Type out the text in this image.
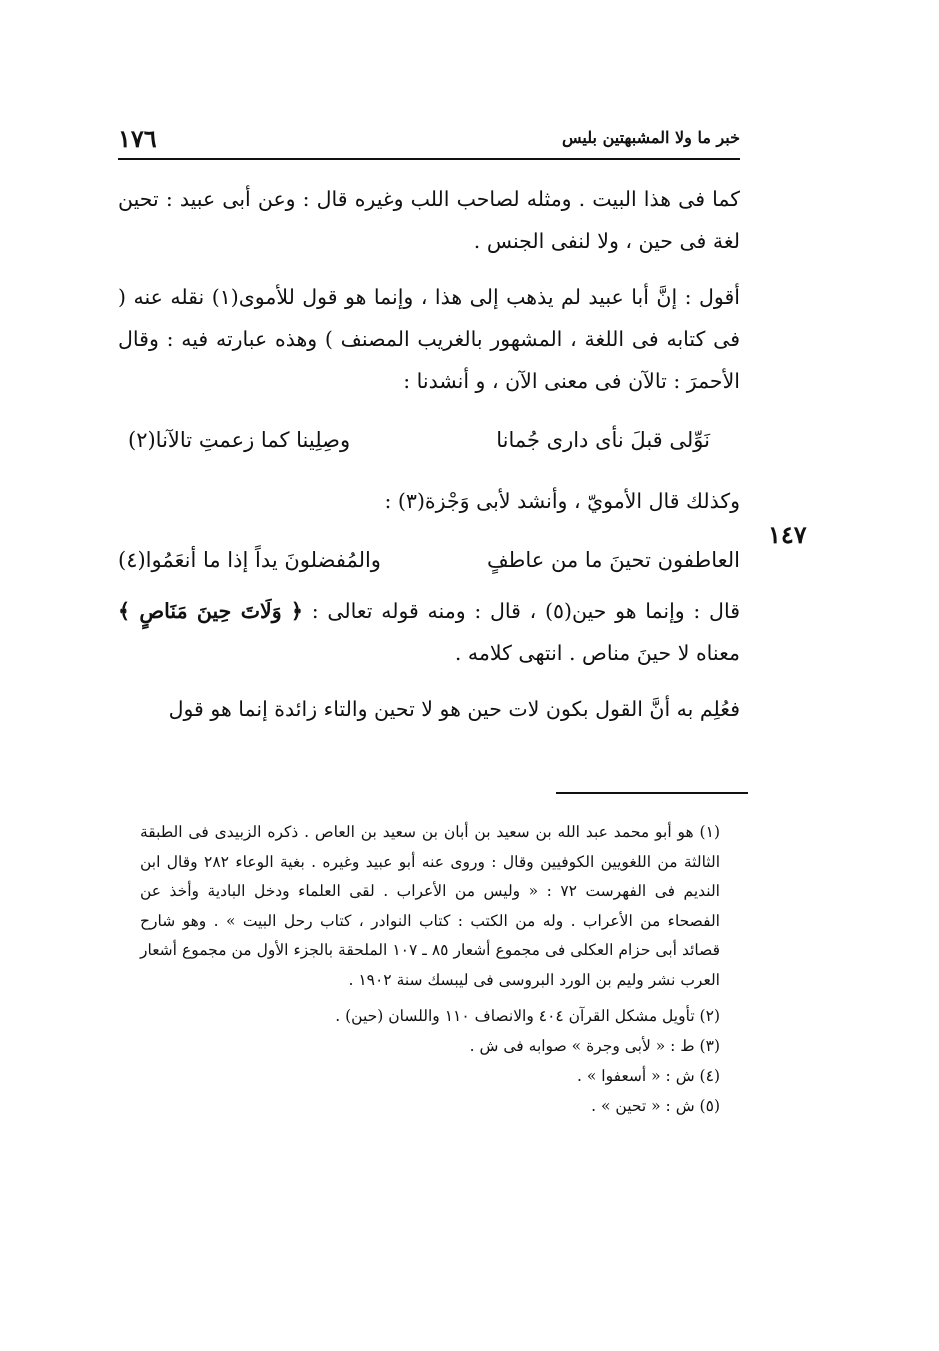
١٧٦	خبر ما ولا المشبهتين بليس
١٤٧

كما فى هذا البيت . ومثله لصاحب اللب وغيره قال : وعن أبى عبيد : تحين لغة فى حين ، ولا لنفى الجنس .

أقول : إنَّ أبا عبيد لم يذهب إلى هذا ، وإنما هو قول للأموى(١) نقله عنه ( فى كتابه فى اللغة ، المشهور بالغريب المصنف ) وهذه عبارته فيه : وقال الأحمرَ : تالآن فى معنى الآن ، و أنشدنا :

نَوِّلى قبلَ نأى دارى جُمانا
وصِلِينا كما زعمتِ تالآنا(٢)

وكذلك قال الأمويّ ، وأنشد لأبى وَجْزة(٣) :

العاطفون تحينَ ما من عاطفٍ
والمُفضلونَ يداً إذا ما أنعَمُوا(٤)

قال : وإنما هو حين(٥) ، قال : ومنه قوله تعالى : ﴿ وَلَاتَ حِينَ مَنَاصٍ ﴾ معناه لا حينَ مناص . انتهى كلامه .

فعُلِم به أنَّ القول بكون لات حين هو لا تحين والتاء زائدة إنما هو قول

(١) هو أبو محمد عبد الله بن سعيد بن أبان بن سعيد بن العاص . ذكره الزبيدى فى الطبقة الثالثة من اللغويين الكوفيين وقال : وروى عنه أبو عبيد وغيره . بغية الوعاء ٢٨٢ وقال ابن النديم فى الفهرست ٧٢ : « وليس من الأعراب . لقى العلماء ودخل البادية وأخذ عن الفصحاء من الأعراب . وله من الكتب : كتاب النوادر ، كتاب رحل البيت » . وهو شارح قصائد أبى حزام العكلى فى مجموع أشعار ٨٥ ـ ١٠٧ الملحقة بالجزء الأول من مجموع أشعار العرب نشر وليم بن الورد البروسى فى ليبسك سنة ١٩٠٢ .

(٢) تأويل مشكل القرآن ٤٠٤ والانصاف ١١٠ واللسان (حين) .

(٣) ط : « لأبى وجرة » صوابه فى ش .

(٤) ش : « أسعفوا » .

(٥) ش : « تحين » .
